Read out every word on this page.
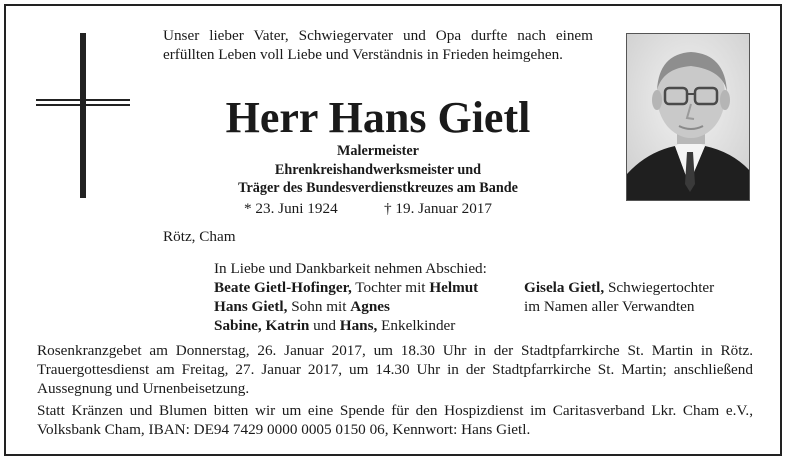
Unser lieber Vater, Schwiegervater und Opa durfte nach einem erfüllten Leben voll Liebe und Verständnis in Frieden heimgehen.
Herr Hans Gietl
Malermeister
Ehrenkreishandwerksmeister und
Träger des Bundesverdienstkreuzes am Bande
* 23. Juni 1924	† 19. Januar 2017
Rötz, Cham
In Liebe und Dankbarkeit nehmen Abschied:
Beate Gietl-Hofinger, Tochter mit Helmut	Gisela Gietl, Schwiegertochter
Hans Gietl, Sohn mit Agnes	im Namen aller Verwandten
Sabine, Katrin und Hans, Enkelkinder
Rosenkranzgebet am Donnerstag, 26. Januar 2017, um 18.30 Uhr in der Stadtpfarrkirche St. Martin in Rötz. Trauergottesdienst am Freitag, 27. Januar 2017, um 14.30 Uhr in der Stadtpfarrkirche St. Martin; anschließend Aussegnung und Urnenbeisetzung.
Statt Kränzen und Blumen bitten wir um eine Spende für den Hospizdienst im Caritasverband Lkr. Cham e.V., Volksbank Cham, IBAN: DE94 7429 0000 0005 0150 06, Kennwort: Hans Gietl.
